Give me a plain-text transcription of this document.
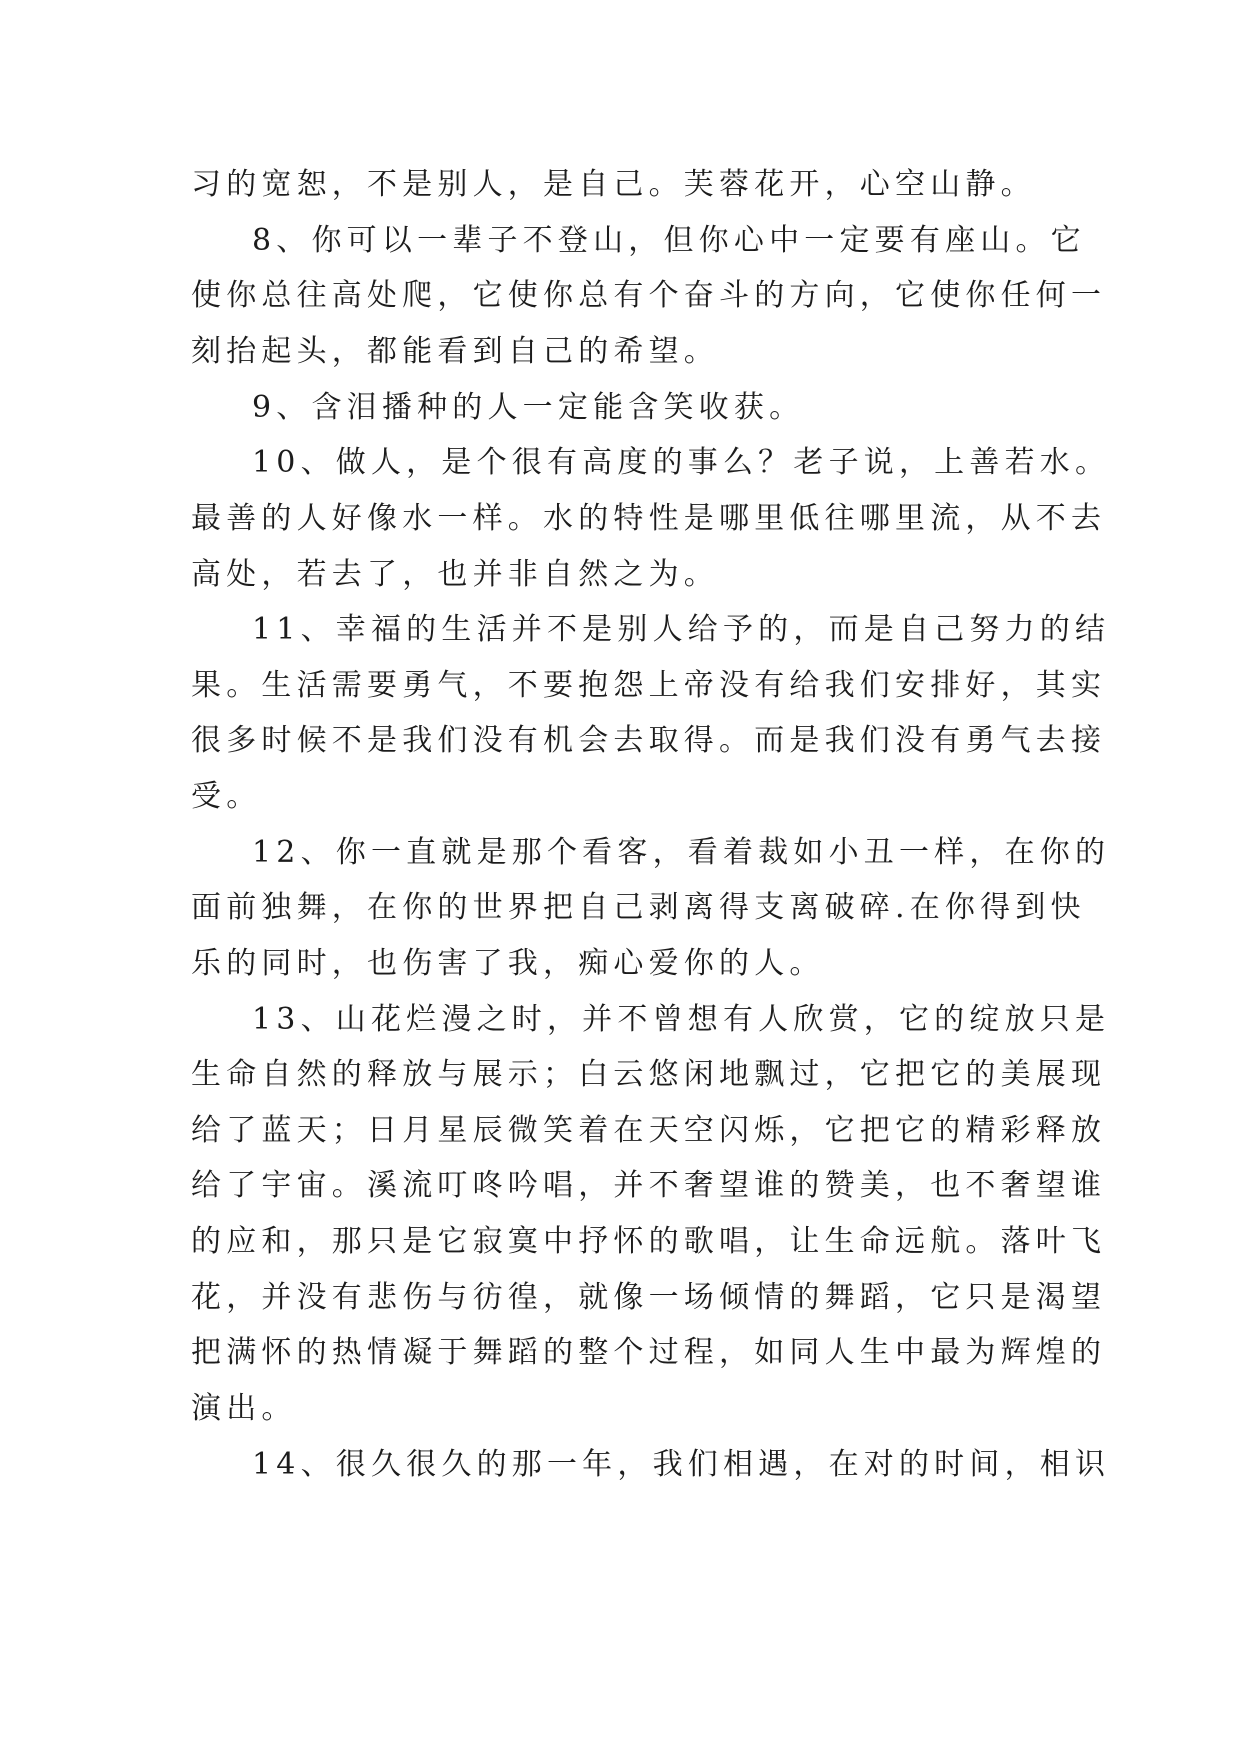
习的宽恕，不是别人，是自己。芙蓉花开，心空山静。
8、你可以一辈子不登山，但你心中一定要有座山。它
使你总往高处爬，它使你总有个奋斗的方向，它使你任何一
刻抬起头，都能看到自己的希望。
9、含泪播种的人一定能含笑收获。
10、做人，是个很有高度的事么？老子说，上善若水。
最善的人好像水一样。水的特性是哪里低往哪里流，从不去
高处，若去了，也并非自然之为。
11、幸福的生活并不是别人给予的，而是自己努力的结
果。生活需要勇气，不要抱怨上帝没有给我们安排好，其实
很多时候不是我们没有机会去取得。而是我们没有勇气去接
受。
12、你一直就是那个看客，看着裁如小丑一样，在你的
面前独舞，在你的世界把自己剥离得支离破碎.在你得到快
乐的同时，也伤害了我，痴心爱你的人。
13、山花烂漫之时，并不曾想有人欣赏，它的绽放只是
生命自然的释放与展示；白云悠闲地飘过，它把它的美展现
给了蓝天；日月星辰微笑着在天空闪烁，它把它的精彩释放
给了宇宙。溪流叮咚吟唱，并不奢望谁的赞美，也不奢望谁
的应和，那只是它寂寞中抒怀的歌唱，让生命远航。落叶飞
花，并没有悲伤与彷徨，就像一场倾情的舞蹈，它只是渴望
把满怀的热情凝于舞蹈的整个过程，如同人生中最为辉煌的
演出。
14、很久很久的那一年，我们相遇，在对的时间，相识
